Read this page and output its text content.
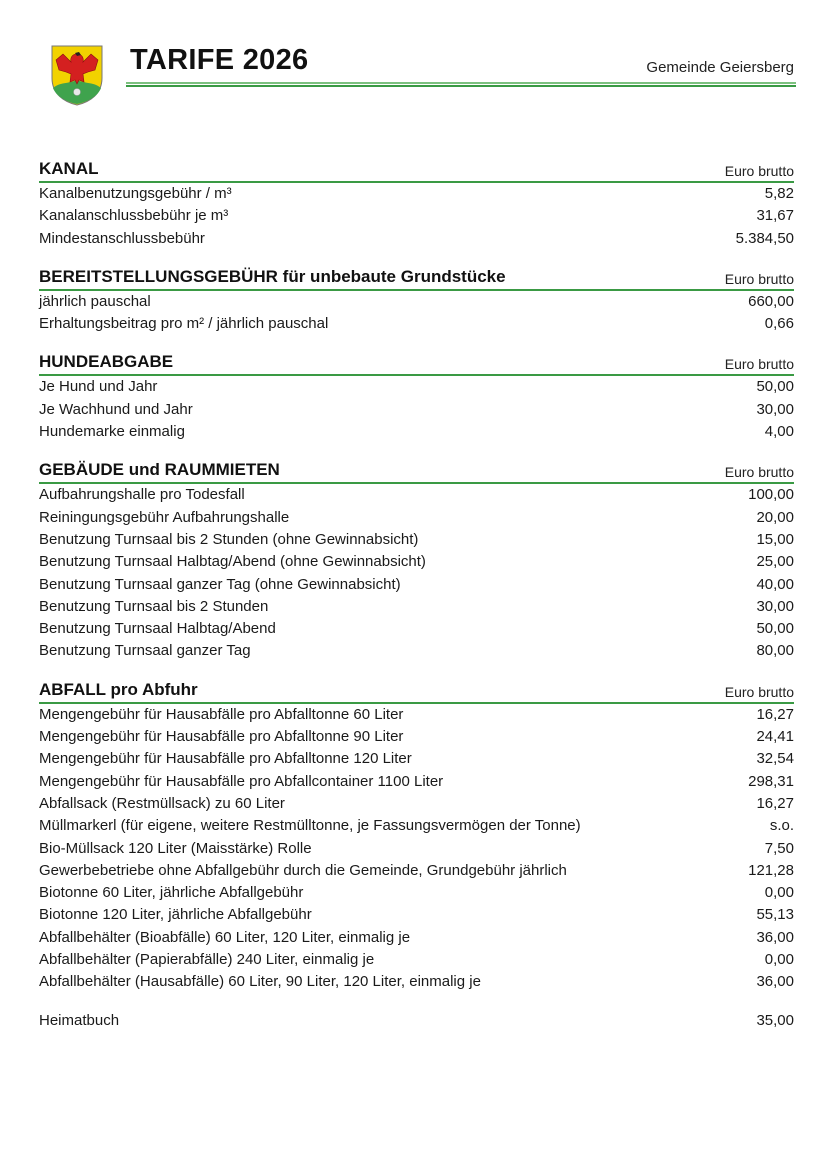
TARIFE 2026	Gemeinde Geiersberg
KANAL	Euro brutto
Kanalbenutzungsgebühr / m³	5,82
Kanalanschlussbebühr je m³	31,67
Mindestanschlussbebühr	5.384,50
BEREITSTELLUNGSGEBÜHR für unbebaute Grundstücke	Euro brutto
jährlich pauschal	660,00
Erhaltungsbeitrag pro m² / jährlich pauschal	0,66
HUNDEABGABE	Euro brutto
Je Hund und Jahr	50,00
Je Wachhund und Jahr	30,00
Hundemarke einmalig	4,00
GEBÄUDE und RAUMMIETEN	Euro brutto
Aufbahrungshalle pro Todesfall	100,00
Reiningungsgebühr Aufbahrungshalle	20,00
Benutzung Turnsaal bis 2 Stunden (ohne Gewinnabsicht)	15,00
Benutzung Turnsaal Halbtag/Abend (ohne Gewinnabsicht)	25,00
Benutzung Turnsaal ganzer Tag (ohne Gewinnabsicht)	40,00
Benutzung Turnsaal bis 2 Stunden	30,00
Benutzung Turnsaal Halbtag/Abend	50,00
Benutzung Turnsaal ganzer Tag	80,00
ABFALL pro Abfuhr	Euro brutto
Mengengebühr für Hausabfälle pro Abfalltonne 60 Liter	16,27
Mengengebühr für Hausabfälle pro Abfalltonne 90 Liter	24,41
Mengengebühr für Hausabfälle pro Abfalltonne 120 Liter	32,54
Mengengebühr für Hausabfälle pro Abfallcontainer 1100 Liter	298,31
Abfallsack (Restmüllsack) zu 60 Liter	16,27
Müllmarkerl (für eigene, weitere Restmülltonne, je Fassungsvermögen der Tonne)	s.o.
Bio-Müllsack 120 Liter (Maisstärke) Rolle	7,50
Gewerbebetriebe ohne Abfallgebühr durch die Gemeinde, Grundgebühr jährlich	121,28
Biotonne 60 Liter, jährliche Abfallgebühr	0,00
Biotonne 120 Liter, jährliche Abfallgebühr	55,13
Abfallbehälter (Bioabfälle) 60 Liter, 120 Liter, einmalig je	36,00
Abfallbehälter (Papierabfälle) 240 Liter, einmalig je	0,00
Abfallbehälter (Hausabfälle) 60 Liter, 90 Liter, 120 Liter, einmalig je	36,00
Heimatbuch	35,00
